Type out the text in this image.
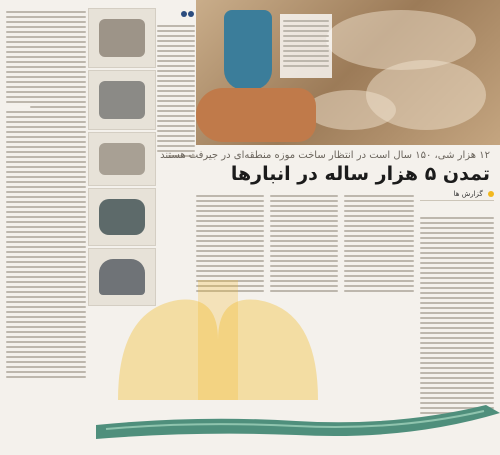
۱۲ هزار شی، ۱۵۰ سال است در انتظار ساخت موزه منطقه‌ای در جیرفت هستند
تمدن ۵ هزار ساله در انبارها
گزارش ها
